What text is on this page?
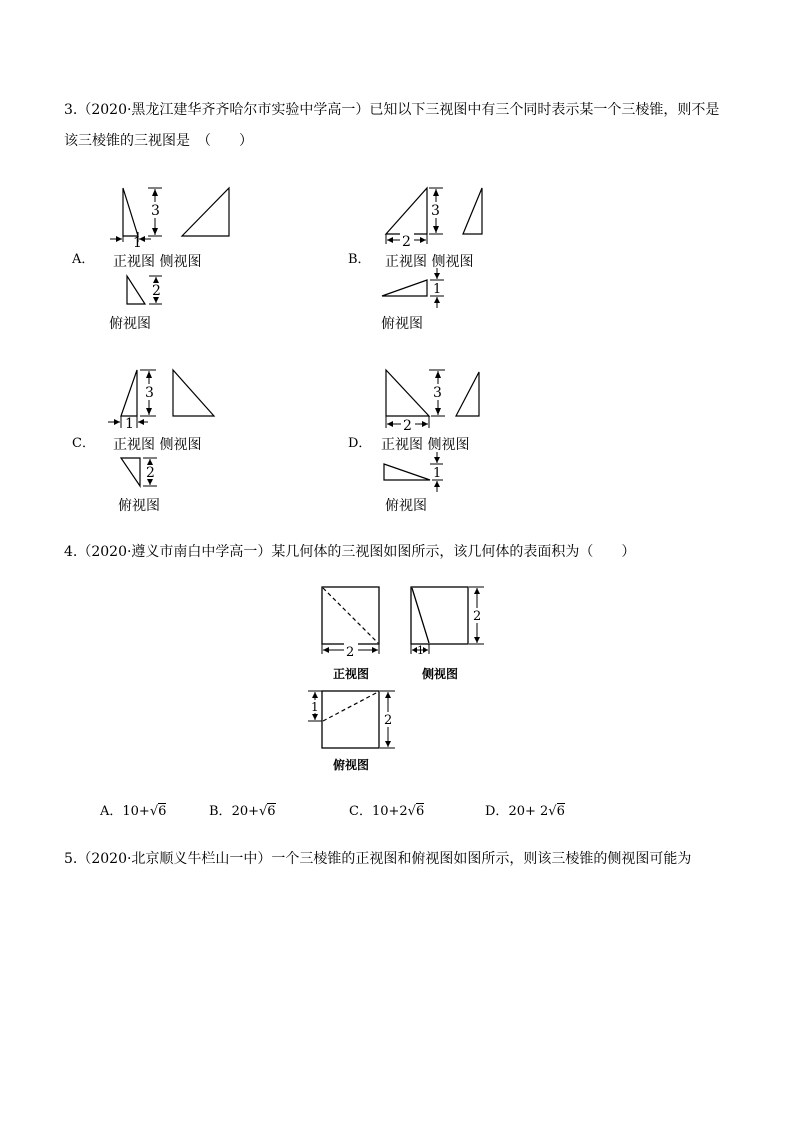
3.（2020·黑龙江建华齐齐哈尔市实验中学高一）已知以下三视图中有三个同时表示某一个三棱锥，则不是
该三棱锥的三视图是　（　　）
A．
3
1
2
正视图 侧视图
俯视图
B．
3
2
1
正视图 侧视图
俯视图
C．
3
1
2
正视图 侧视图
俯视图
D．
3
2
1
正视图 侧视图
俯视图
4.（2020·遵义市南白中学高一）某几何体的三视图如图所示，该几何体的表面积为（　　）
2
2
1
1
2
正视图	侧视图
俯视图
A．10+√6	B．20+√6	C．10+2√6	D．20+ 2√6
5.（2020·北京顺义牛栏山一中）一个三棱锥的正视图和俯视图如图所示，则该三棱锥的侧视图可能为
